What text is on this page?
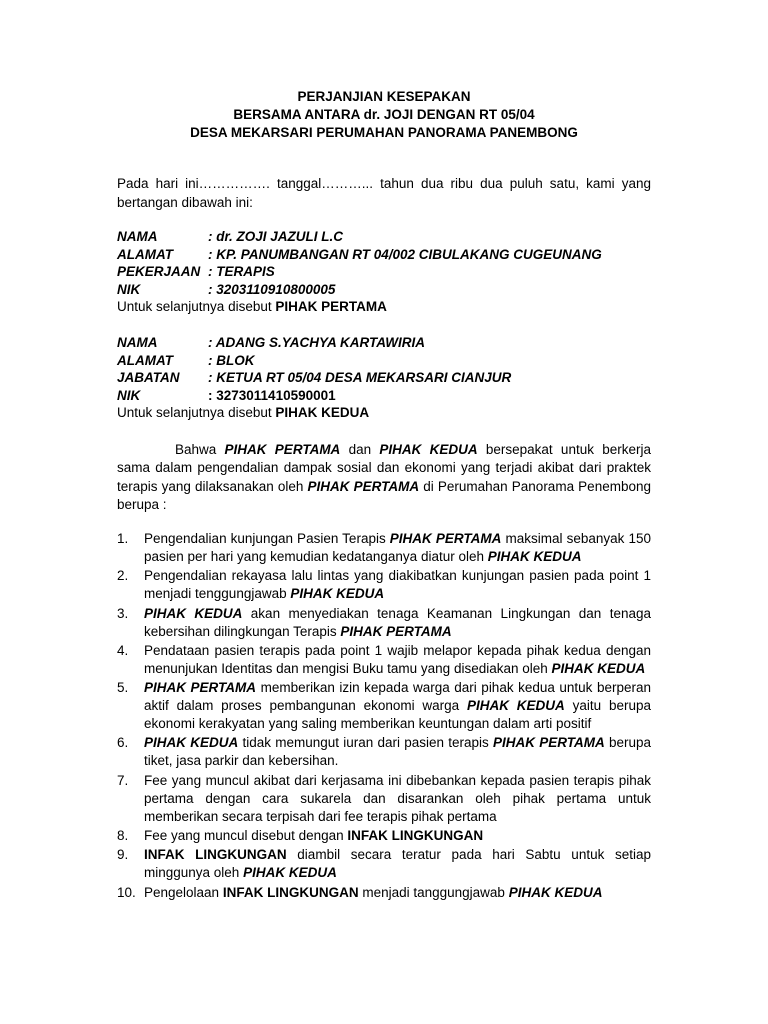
PERJANJIAN KESEPAKAN
BERSAMA ANTARA dr. JOJI DENGAN RT 05/04
DESA MEKARSARI PERUMAHAN PANORAMA PANEMBONG
Pada hari ini……………. tanggal………... tahun dua ribu dua puluh satu, kami yang bertangan dibawah ini:
NAMA	: dr. ZOJI JAZULI L.C
ALAMAT	: KP. PANUMBANGAN RT 04/002 CIBULAKANG CUGEUNANG
PEKERJAAN : TERAPIS
NIK	: 3203110910800005
Untuk selanjutnya disebut PIHAK PERTAMA
NAMA	: ADANG S.YACHYA KARTAWIRIA
ALAMAT	: BLOK
JABATAN : KETUA RT 05/04 DESA MEKARSARI CIANJUR
NIK	: 3273011410590001
Untuk selanjutnya disebut PIHAK KEDUA
Bahwa PIHAK PERTAMA dan PIHAK KEDUA bersepakat untuk berkerja sama dalam pengendalian dampak sosial dan ekonomi yang terjadi akibat dari praktek terapis yang dilaksanakan oleh PIHAK PERTAMA di Perumahan Panorama Penembong berupa :
1. Pengendalian kunjungan Pasien Terapis PIHAK PERTAMA maksimal sebanyak 150 pasien per hari yang kemudian kedatanganya diatur oleh PIHAK KEDUA
2. Pengendalian rekayasa lalu lintas yang diakibatkan kunjungan pasien pada point 1 menjadi tenggungjawab PIHAK KEDUA
3. PIHAK KEDUA akan menyediakan tenaga Keamanan Lingkungan dan tenaga kebersihan dilingkungan Terapis PIHAK PERTAMA
4. Pendataan pasien terapis pada point 1 wajib melapor kepada pihak kedua dengan menunjukan Identitas dan mengisi Buku tamu yang disediakan oleh PIHAK KEDUA
5. PIHAK PERTAMA memberikan izin kepada warga dari pihak kedua untuk berperan aktif dalam proses pembangunan ekonomi warga PIHAK KEDUA yaitu berupa ekonomi kerakyatan yang saling memberikan keuntungan dalam arti positif
6. PIHAK KEDUA tidak memungut iuran dari pasien terapis PIHAK PERTAMA berupa tiket, jasa parkir dan kebersihan.
7. Fee yang muncul akibat dari kerjasama ini dibebankan kepada pasien terapis pihak pertama dengan cara sukarela dan disarankan oleh pihak pertama untuk memberikan secara terpisah dari fee terapis pihak pertama
8. Fee yang muncul disebut dengan INFAK LINGKUNGAN
9. INFAK LINGKUNGAN diambil secara teratur pada hari Sabtu untuk setiap minggunya oleh PIHAK KEDUA
10. Pengelolaan INFAK LINGKUNGAN menjadi tanggungjawab PIHAK KEDUA
